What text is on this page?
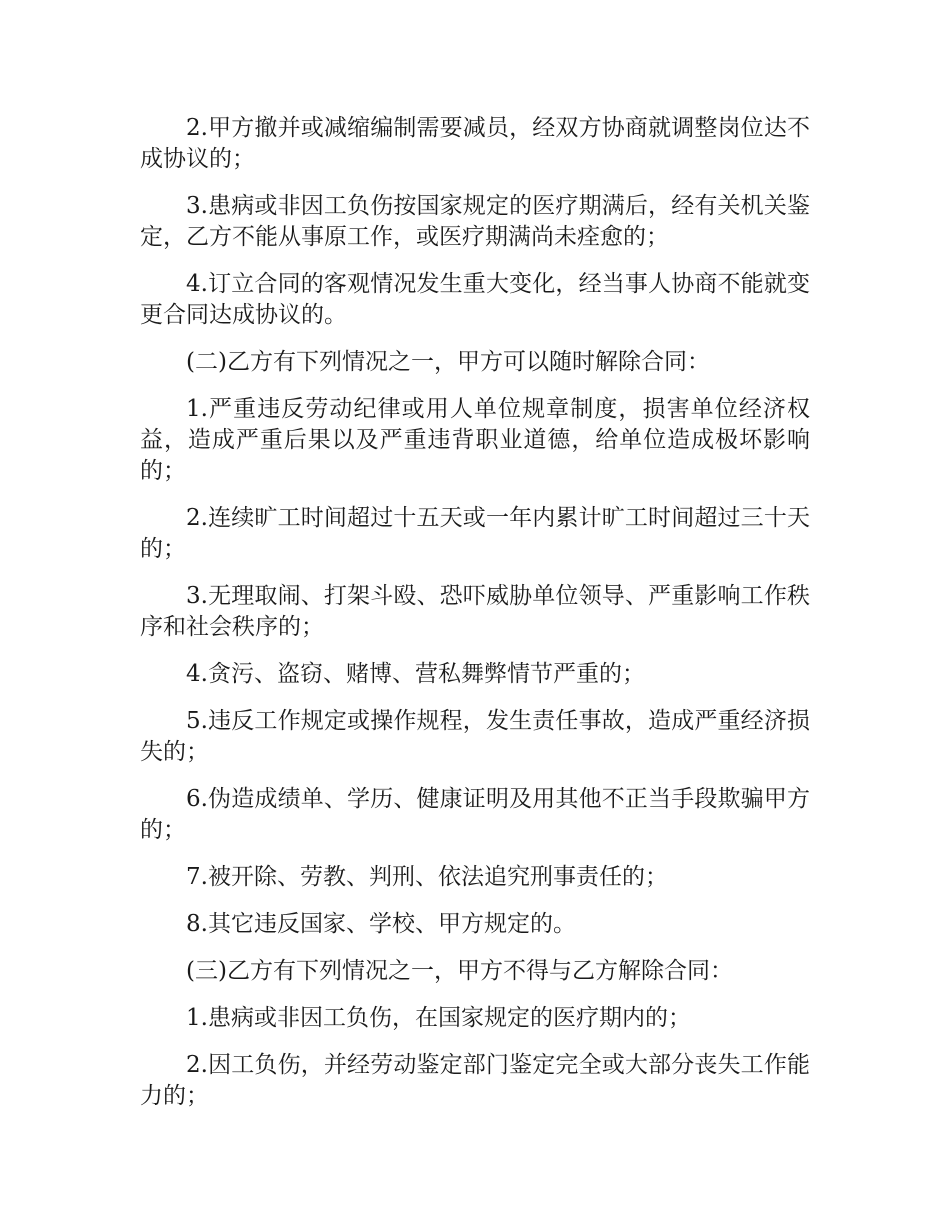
2.甲方撤并或减缩编制需要减员，经双方协商就调整岗位达不成协议的；

3.患病或非因工负伤按国家规定的医疗期满后，经有关机关鉴定，乙方不能从事原工作，或医疗期满尚未痊愈的；

4.订立合同的客观情况发生重大变化，经当事人协商不能就变更合同达成协议的。

(二)乙方有下列情况之一，甲方可以随时解除合同：

1.严重违反劳动纪律或用人单位规章制度，损害单位经济权益，造成严重后果以及严重违背职业道德，给单位造成极坏影响的；

2.连续旷工时间超过十五天或一年内累计旷工时间超过三十天的；

3.无理取闹、打架斗殴、恐吓威胁单位领导、严重影响工作秩序和社会秩序的；

4.贪污、盗窃、赌博、营私舞弊情节严重的；

5.违反工作规定或操作规程，发生责任事故，造成严重经济损失的；

6.伪造成绩单、学历、健康证明及用其他不正当手段欺骗甲方的；

7.被开除、劳教、判刑、依法追究刑事责任的；

8.其它违反国家、学校、甲方规定的。

(三)乙方有下列情况之一，甲方不得与乙方解除合同：

1.患病或非因工负伤，在国家规定的医疗期内的；

2.因工负伤，并经劳动鉴定部门鉴定完全或大部分丧失工作能力的；
